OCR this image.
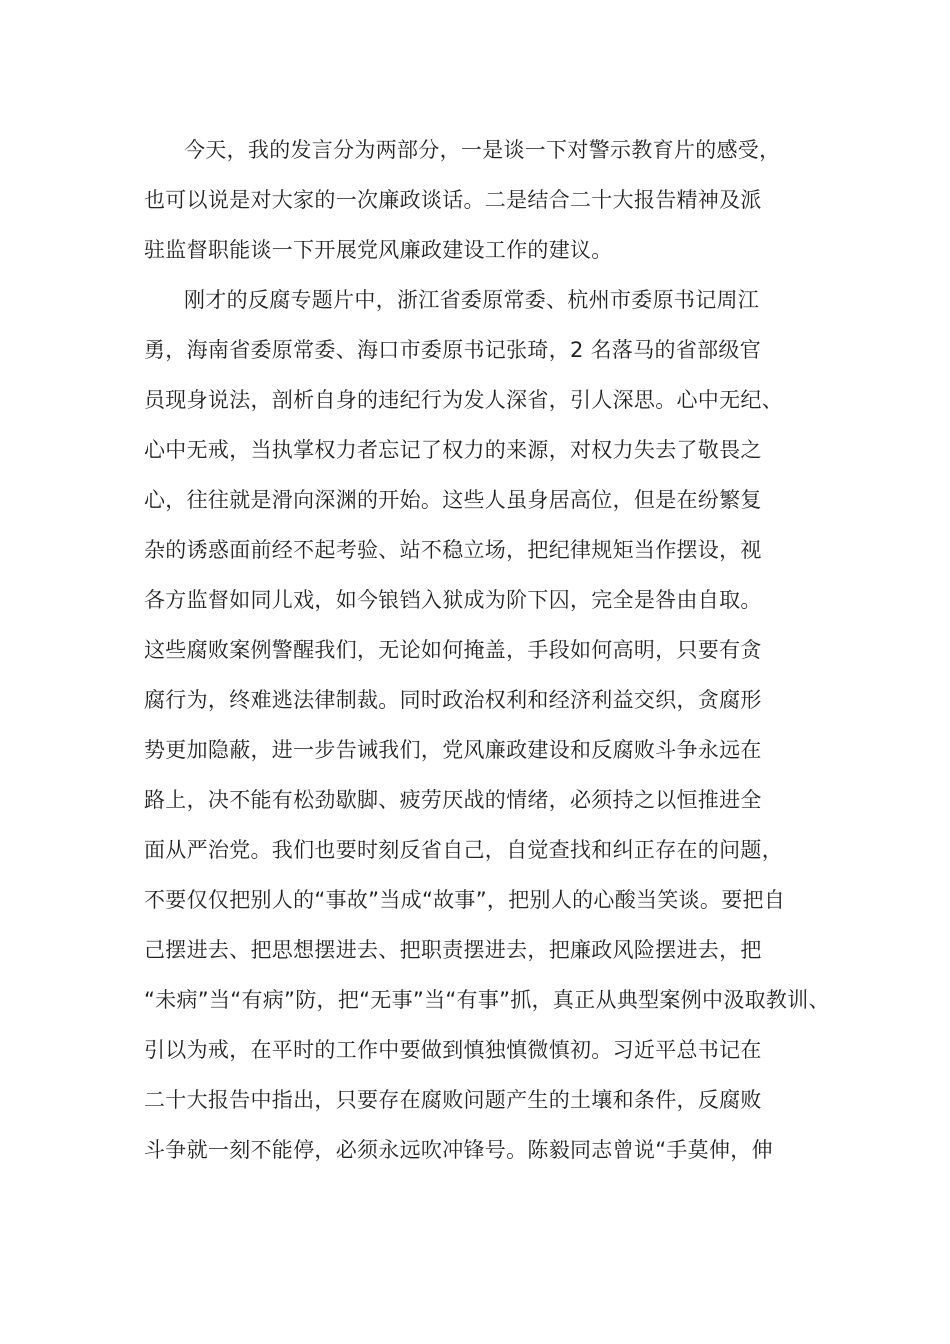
今天，我的发言分为两部分，一是谈一下对警示教育片的感受，
也可以说是对大家的一次廉政谈话。二是结合二十大报告精神及派
驻监督职能谈一下开展党风廉政建设工作的建议。
刚才的反腐专题片中，浙江省委原常委、杭州市委原书记周江
勇，海南省委原常委、海口市委原书记张琦，2 名落马的省部级官
员现身说法，剖析自身的违纪行为发人深省，引人深思。心中无纪、
心中无戒，当执掌权力者忘记了权力的来源，对权力失去了敬畏之
心，往往就是滑向深渊的开始。这些人虽身居高位，但是在纷繁复
杂的诱惑面前经不起考验、站不稳立场，把纪律规矩当作摆设，视
各方监督如同儿戏，如今锒铛入狱成为阶下囚，完全是咎由自取。
这些腐败案例警醒我们，无论如何掩盖，手段如何高明，只要有贪
腐行为，终难逃法律制裁。同时政治权利和经济利益交织，贪腐形
势更加隐蔽，进一步告诫我们，党风廉政建设和反腐败斗争永远在
路上，决不能有松劲歇脚、疲劳厌战的情绪，必须持之以恒推进全
面从严治党。我们也要时刻反省自己，自觉查找和纠正存在的问题，
不要仅仅把别人的“事故”当成“故事”，把别人的心酸当笑谈。要把自
己摆进去、把思想摆进去、把职责摆进去，把廉政风险摆进去，把
“未病”当“有病”防，把“无事”当“有事”抓，真正从典型案例中汲取教训、
引以为戒，在平时的工作中要做到慎独慎微慎初。习近平总书记在
二十大报告中指出，只要存在腐败问题产生的土壤和条件，反腐败
斗争就一刻不能停，必须永远吹冲锋号。陈毅同志曾说“手莫伸，伸
